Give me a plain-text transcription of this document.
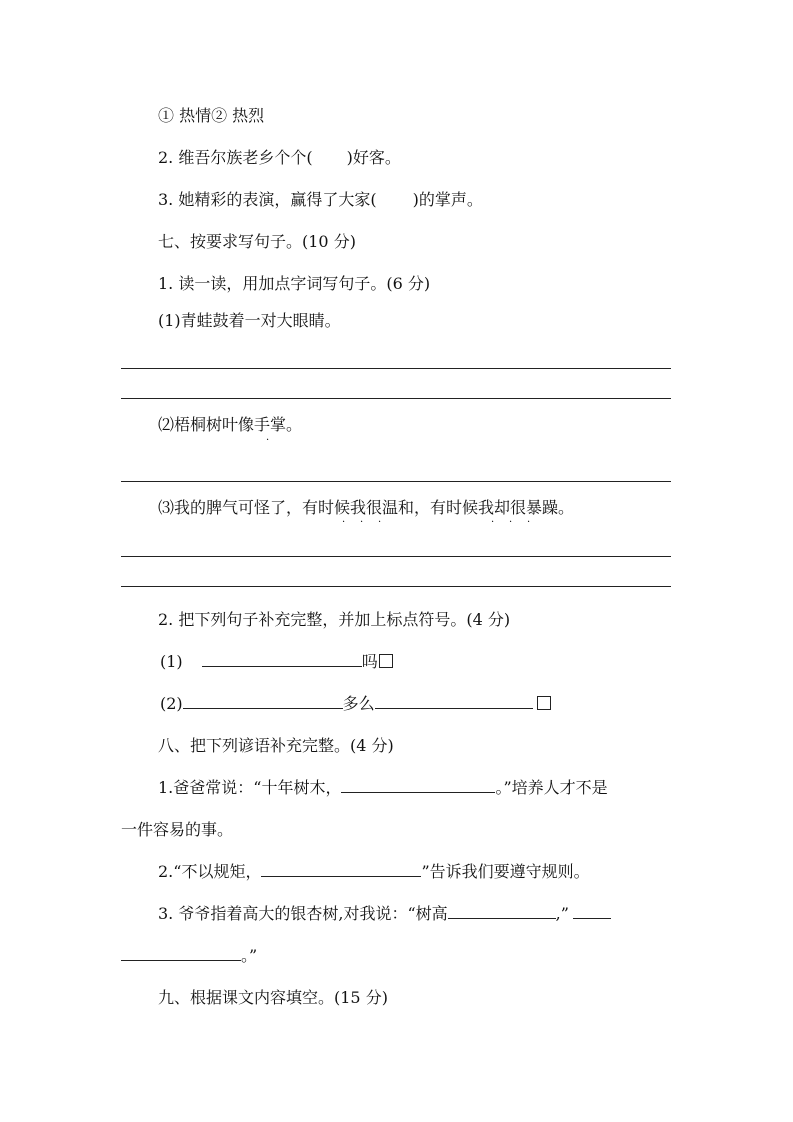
① 热情② 热烈
2. 维吾尔族老乡个个( )好客。
3. 她精彩的表演，赢得了大家( )的掌声。
七、按要求写句子。(10 分)
1. 读一读，用加点字词写句子。(6 分)
(1)青蛙鼓着一对大眼睛。
⑵梧桐树叶像手掌。
·
⑶我的脾气可怪了，有时候我很温和，有时候我却很暴躁。
· · ·	· · ·
2. 把下列句子补充完整，并加上标点符号。(4 分)
(1)	吗
(2)	多么
八、把下列谚语补充完整。(4 分)
1.爸爸常说：“十年树木，	。”培养人才不是
一件容易的事。
2.“不以规矩，	”告诉我们要遵守规则。
3. 爷爷指着高大的银杏树,对我说：“树高	,”
。”
九、根据课文内容填空。(15 分)
